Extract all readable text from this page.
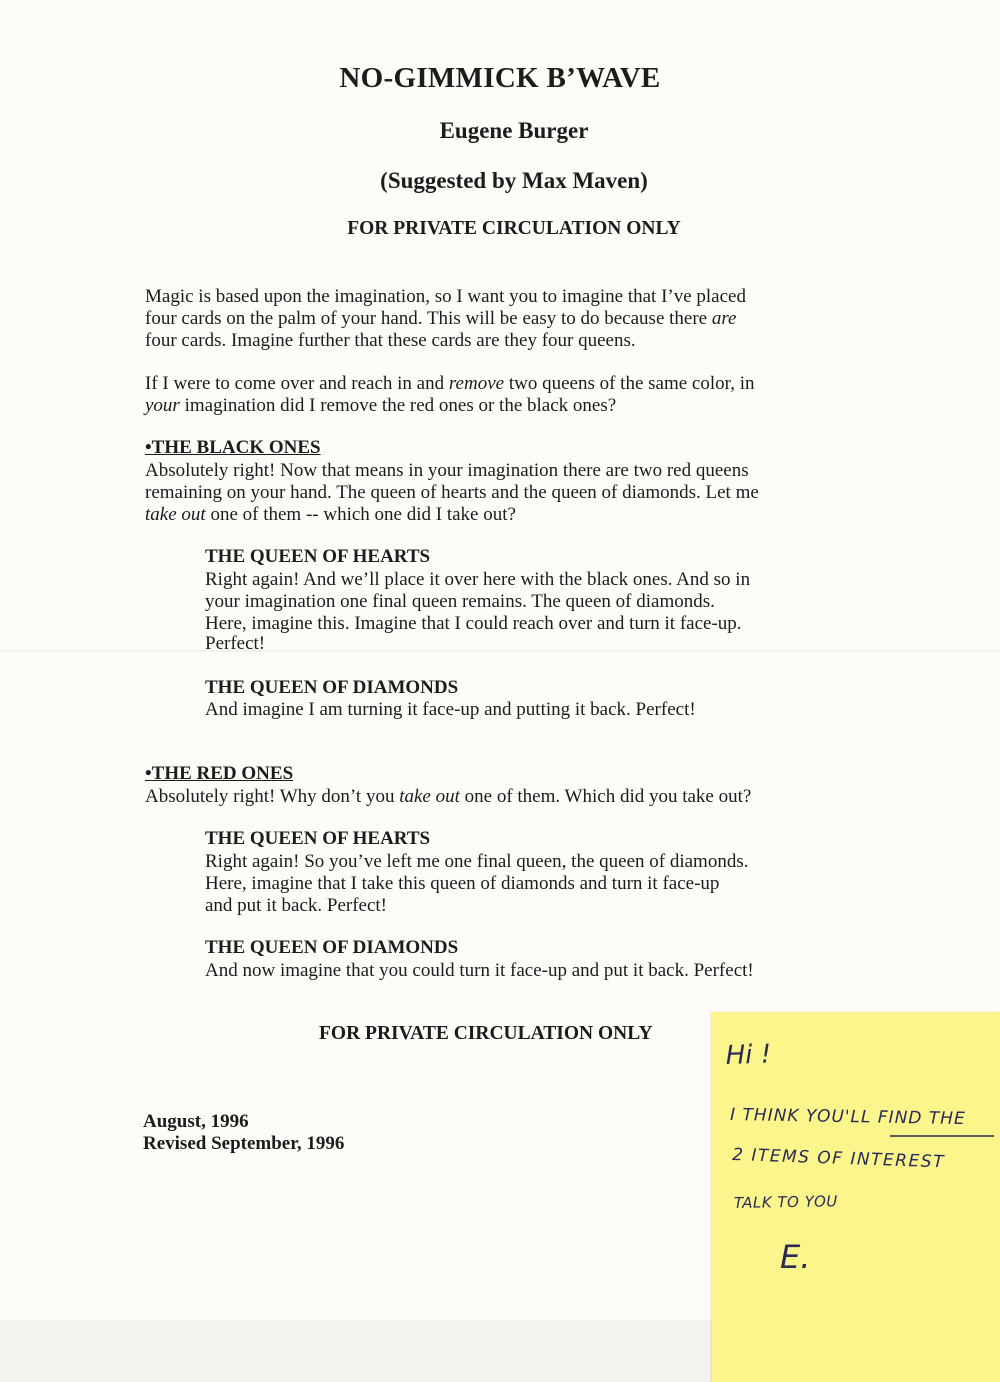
NO-GIMMICK B’WAVE

Eugene Burger

(Suggested by Max Maven)

FOR PRIVATE CIRCULATION ONLY

Magic is based upon the imagination, so I want you to imagine that I’ve placed

four cards on the palm of your hand. This will be easy to do because there are

four cards. Imagine further that these cards are they four queens.

If I were to come over and reach in and remove two queens of the same color, in

your imagination did I remove the red ones or the black ones?

•THE BLACK ONES

Absolutely right! Now that means in your imagination there are two red queens

remaining on your hand. The queen of hearts and the queen of diamonds. Let me

take out one of them -- which one did I take out?

THE QUEEN OF HEARTS

Right again! And we’ll place it over here with the black ones. And so in

your imagination one final queen remains. The queen of diamonds.

Here, imagine this. Imagine that I could reach over and turn it face-up.

Perfect!

THE QUEEN OF DIAMONDS

And imagine I am turning it face-up and putting it back. Perfect!

•THE RED ONES

Absolutely right! Why don’t you take out one of them. Which did you take out?

THE QUEEN OF HEARTS

Right again! So you’ve left me one final queen, the queen of diamonds.

Here, imagine that I take this queen of diamonds and turn it face-up

and put it back. Perfect!

THE QUEEN OF DIAMONDS

And now imagine that you could turn it face-up and put it back. Perfect!

FOR PRIVATE CIRCULATION ONLY

August, 1996

Revised September, 1996

Hi !
I THINK YOU'LL FIND THE
2 ITEMS OF INTEREST
TALK TO YOU
E.
